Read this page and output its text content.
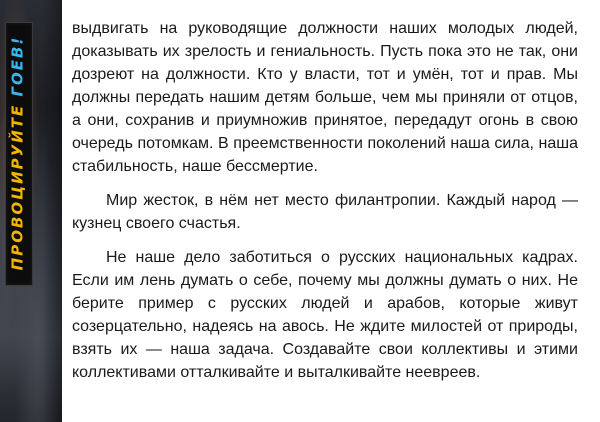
ПРОВОЦИРУЙТЕ ГОЕВ!

выдвигать на руководящие должности наших молодых людей, доказывать их зрелость и гениальность. Пусть пока это не так, они дозреют на должности. Кто у власти, тот и умён, тот и прав. Мы должны передать нашим детям больше, чем мы приняли от отцов, а они, сохранив и приумножив принятое, передадут огонь в свою очередь потомкам. В преемственности поколений наша сила, наша стабильность, наше бессмертие.

Мир жесток, в нём нет место филантропии. Каждый народ — кузнец своего счастья.

Не наше дело заботиться о русских национальных кадрах. Если им лень думать о себе, почему мы должны думать о них. Не берите пример с русских людей и арабов, которые живут созерцательно, надеясь на авось. Не ждите милостей от природы, взять их — наша задача. Создавайте свои коллективы и этими коллективами отталкивайте и выталкивайте неевреев.
